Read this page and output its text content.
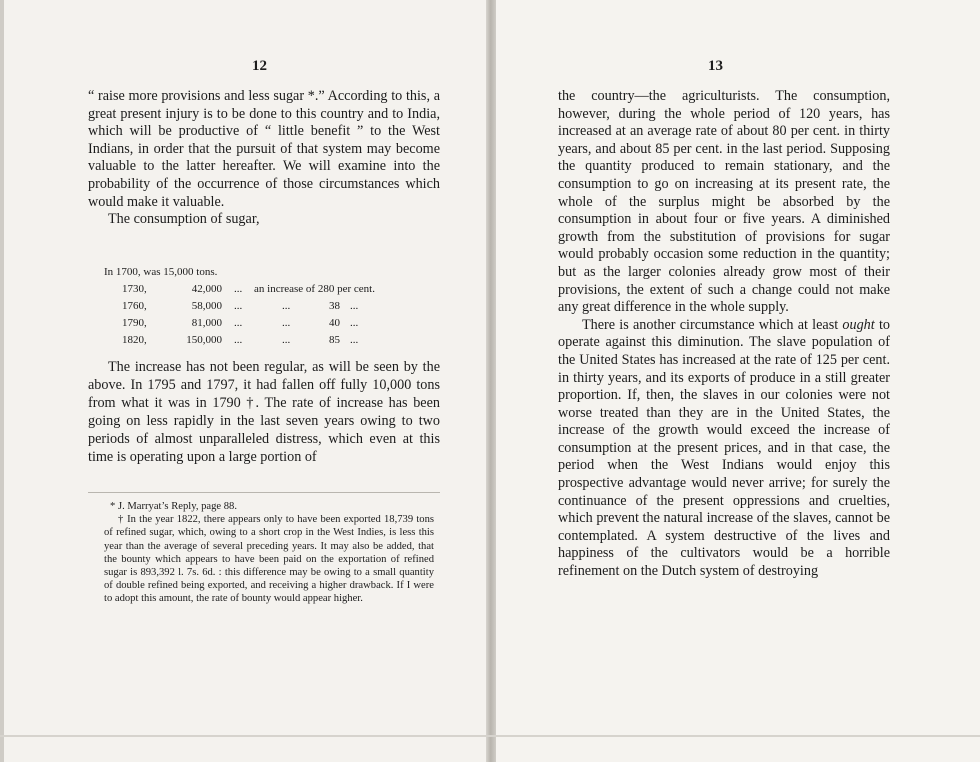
12	13

“ raise more provisions and less sugar *.” According to this, a great present injury is to be done to this country and to India, which will be productive of “ little benefit ” to the West Indians, in order that the pursuit of that system may become valuable to the latter hereafter. We will examine into the probability of the occurrence of those circumstances which would make it valuable.

The consumption of sugar,

In 1700, was 15,000 tons.
1730,	42,000 ... an increase of 280 per cent.
1760,	58,000 ...	...	38 ...
1790,	81,000 ...	...	40 ...
1820,	150,000 ...	...	85 ...

The increase has not been regular, as will be seen by the above. In 1795 and 1797, it had fallen off fully 10,000 tons from what it was in 1790 †. The rate of increase has been going on less rapidly in the last seven years owing to two periods of almost unparalleled distress, which even at this time is operating upon a large portion of

* J. Marryat’s Reply, page 88.

† In the year 1822, there appears only to have been exported 18,739 tons of refined sugar, which, owing to a short crop in the West Indies, is less this year than the average of several preceding years. It may also be added, that the bounty which appears to have been paid on the exportation of refined sugar is 893,392 l. 7s. 6d. : this difference may be owing to a small quantity of double refined being exported, and receiving a higher drawback. If I were to adopt this amount, the rate of bounty would appear higher.

the country—the agriculturists. The consumption, however, during the whole period of 120 years, has increased at an average rate of about 80 per cent. in thirty years, and about 85 per cent. in the last period. Supposing the quantity produced to remain stationary, and the consumption to go on increasing at its present rate, the whole of the surplus might be absorbed by the consumption in about four or five years. A diminished growth from the substitution of provisions for sugar would probably occasion some reduction in the quantity; but as the larger colonies already grow most of their provisions, the extent of such a change could not make any great difference in the whole supply.

There is another circumstance which at least ought to operate against this diminution. The slave population of the United States has increased at the rate of 125 per cent. in thirty years, and its exports of produce in a still greater proportion. If, then, the slaves in our colonies were not worse treated than they are in the United States, the increase of the growth would exceed the increase of consumption at the present prices, and in that case, the period when the West Indians would enjoy this prospective advantage would never arrive; for surely the continuance of the present oppressions and cruelties, which prevent the natural increase of the slaves, cannot be contemplated. A system destructive of the lives and happiness of the cultivators would be a horrible refinement on the Dutch system of destroying
